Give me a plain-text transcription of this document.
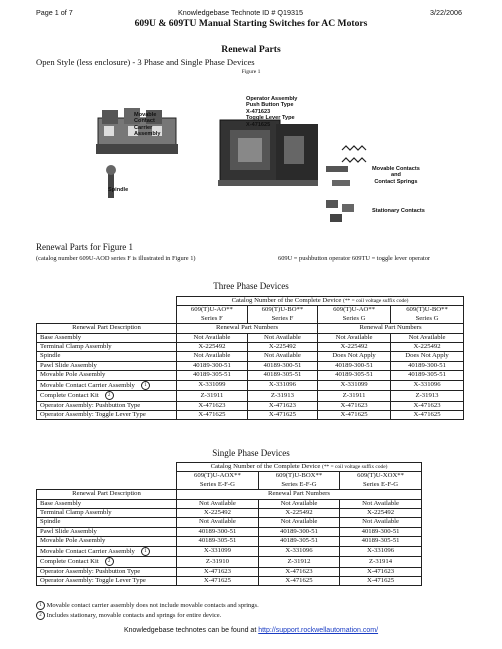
Page 1 of 7	Knowledgebase Technote ID # Q19315	3/22/2006
609U & 609TU Manual Starting Switches for AC Motors
Renewal Parts
Open Style (less enclosure) - 3 Phase and Single Phase Devices
Figure 1
Movable
Contact
Carrier
Assembly
Spindle
Operator Assembly
Push Button Type
X-471623
Toggle Lever Type
X-471625
Movable Contacts
and
Contact Springs
Stationary Contacts
Renewal Parts for Figure 1
(catalog number 609U-AOD series F is illustrated in Figure 1)	609U = pushbutton operator 609TU = toggle lever operator
Three Phase Devices
	Catalog Number of the Complete Device (** = coil voltage suffix code)			
	609(T)U-AO**	609(T)U-BO**	609(T)U-AO**	609(T)U-BO**
	Series F	Series F	Series G	Series G
Renewal Part Description	Renewal Part Numbers		Renewal Part Numbers	
Base Assembly	Not Available	Not Available	Not Available	Not Available
Terminal Clamp Assembly	X-225492	X-225492	X-225492	X-225492
Spindle	Not Available	Not Available	Does Not Apply	Does Not Apply
Pawl Slide Assembly	40189-300-51	40189-300-51	40189-300-51	40189-300-51
Movable Pole Assembly	40189-305-51	40189-305-51	40189-305-51	40189-305-51
Movable Contact Carrier Assembly 1	X-331099	X-331096	X-331099	X-331096
Complete Contact Kit 2	Z-31911	Z-31913	Z-31911	Z-31913
Operator Assembly: Pushbutton Type	X-471623	X-471623	X-471623	X-471623
Operator Assembly: Toggle Lever Type	X-471625	X-471625	X-471625	X-471625
Single Phase Devices
	Catalog Number of the Complete Device (** = coil voltage suffix code)		
	609(T)U-AOX**	609(T)U-BOX**	609(T)U-XOX**
	Series E-F-G	Series E-F-G	Series E-F-G
Renewal Part Description	Renewal Part Numbers		
Base Assembly	Not Available	Not Available	Not Available
Terminal Clamp Assembly	X-225492	X-225492	X-225492
Spindle	Not Available	Not Available	Not Available
Pawl Slide Assembly	40189-300-51	40189-300-51	40189-300-51
Movable Pole Assembly	40189-305-51	40189-305-51	40189-305-51
Movable Contact Carrier Assembly 1	X-331099	X-331096	X-331096
Complete Contact Kit 2	Z-31910	Z-31912	Z-31914
Operator Assembly: Pushbutton Type	X-471623	X-471623	X-471623
Operator Assembly: Toggle Lever Type	X-471625	X-471625	X-471625
1 Movable contact carrier assembly does not include movable contacts and springs.
2 Includes stationary, movable contacts and springs for entire device.
Knowledgebase technotes can be found at http://support.rockwellautomation.com/
